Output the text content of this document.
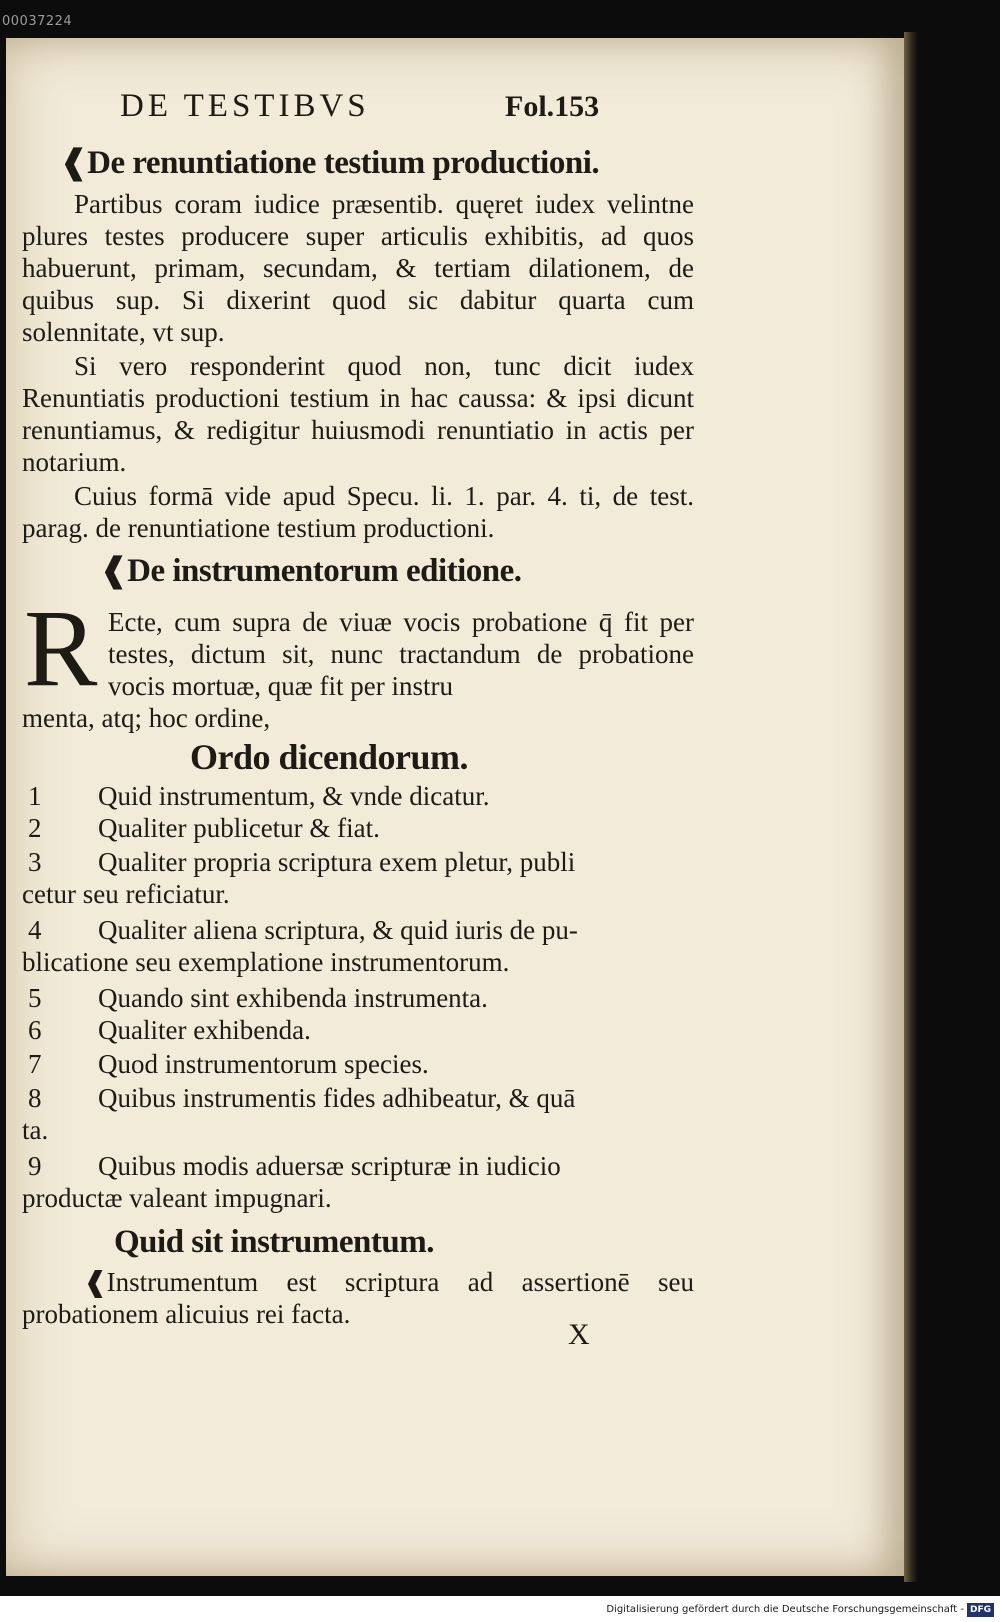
00037224
DE TESTIBVS	Fol.153
❰De renuntiatione testium productioni.
Partibus coram iudice præsentib. quęret iudex velintne plures testes producere super articulis exhibitis, ad quos habuerunt, primam, secundam, & tertiam dilationem, de quibus sup. Si dixerint quod sic dabitur quarta cum solennitate, vt sup.
Si vero responderint quod non, tunc dicit iudex Renuntiatis productioni testium in hac caussa: & ipsi dicunt renuntiamus, & redigitur huiusmodi renuntiatio in actis per notarium.
Cuius formā vide apud Specu. li. 1. par. 4. ti, de test. parag. de renuntiatione testium productioni.
❰De instrumentorum editione.
R Ecte, cum supra de viuæ vocis probatione q̄ fit per testes, dictum sit, nunc tractandum de probatione vocis mortuæ, quæ fit per instru
menta, atq; hoc ordine,
Ordo dicendorum.
1 Quid instrumentum, & vnde dicatur.
2 Qualiter publicetur & fiat.
3 Qualiter propria scriptura exem pletur, publi
cetur seu reficiatur.
4 Qualiter aliena scriptura, & quid iuris de pu-
blicatione seu exemplatione instrumentorum.
5 Quando sint exhibenda instrumenta.
6 Qualiter exhibenda.
7 Quod instrumentorum species.
8 Quibus instrumentis fides adhibeatur, & quā
ta.
9 Quibus modis aduersæ scripturæ in iudicio
productæ valeant impugnari.
Quid sit instrumentum.
❰Instrumentum est scriptura ad assertionē seu probationem alicuius rei facta.
X
Digitalisierung gefördert durch die Deutsche Forschungsgemeinschaft - DFG
